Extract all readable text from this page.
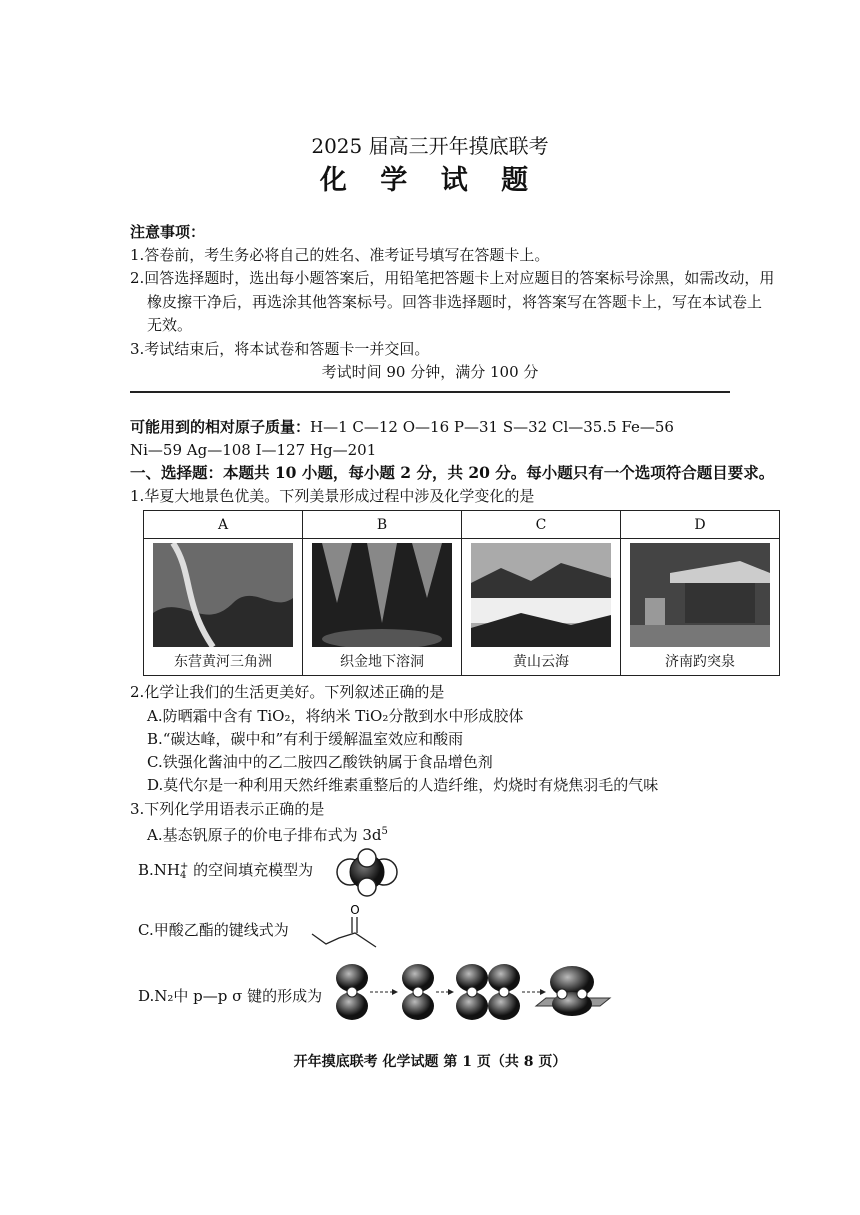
2025 届高三开年摸底联考
化 学 试 题
注意事项：
1.答卷前，考生务必将自己的姓名、准考证号填写在答题卡上。
2.回答选择题时，选出每小题答案后，用铅笔把答题卡上对应题目的答案标号涂黑，如需改动，用
橡皮擦干净后，再选涂其他答案标号。回答非选择题时，将答案写在答题卡上，写在本试卷上
无效。
3.考试结束后，将本试卷和答题卡一并交回。
考试时间 90 分钟，满分 100 分
可能用到的相对原子质量：H—1 C—12 O—16 P—31 S—32 Cl—35.5 Fe—56
Ni—59 Ag—108 I—127 Hg—201
一、选择题：本题共 10 小题，每小题 2 分，共 20 分。每小题只有一个选项符合题目要求。
1.华夏大地景色优美。下列美景形成过程中涉及化学变化的是
A	B	C	D

东营黄河三角洲	织金地下溶洞	黄山云海	济南趵突泉
2.化学让我们的生活更美好。下列叙述正确的是
A.防晒霜中含有 TiO₂，将纳米 TiO₂分散到水中形成胶体
B.“碳达峰，碳中和”有利于缓解温室效应和酸雨
C.铁强化酱油中的乙二胺四乙酸铁钠属于食品增色剂
D.莫代尔是一种利用天然纤维素重整后的人造纤维，灼烧时有烧焦羽毛的气味
3.下列化学用语表示正确的是
A.基态钒原子的价电子排布式为 $3d^5$
B.NH+
4 的空间填充模型为
C.甲酸乙酯的键线式为
O
D.N₂中 p—p σ 键的形成为
开年摸底联考 化学试题 第 1 页（共 8 页）
